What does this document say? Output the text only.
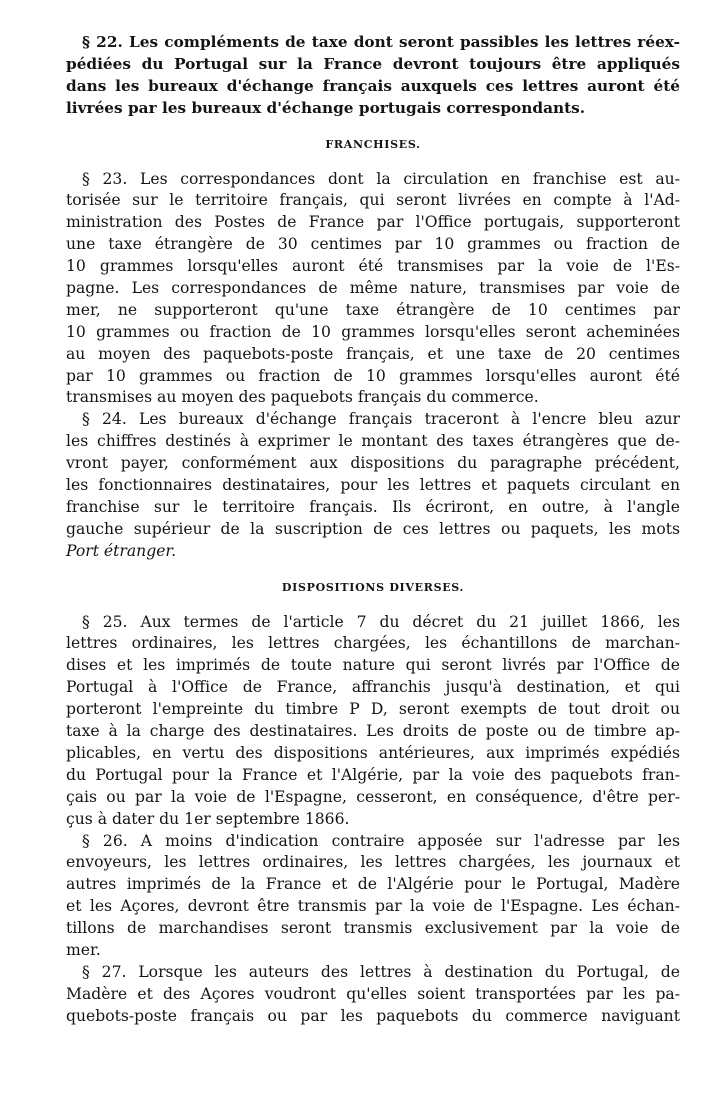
§ 22. Les compléments de taxe dont seront passibles les lettres réex-
pédiées du Portugal sur la France devront toujours être appliqués
dans les bureaux d'échange français auxquels ces lettres auront été
livrées par les bureaux d'échange portugais correspondants.
FRANCHISES.
§ 23. Les correspondances dont la circulation en franchise est au-
torisée sur le territoire français, qui seront livrées en compte à l'Ad-
ministration des Postes de France par l'Office portugais, supporteront
une taxe étrangère de 30 centimes par 10 grammes ou fraction de
10 grammes lorsqu'elles auront été transmises par la voie de l'Es-
pagne. Les correspondances de même nature, transmises par voie de
mer, ne supporteront qu'une taxe étrangère de 10 centimes par
10 grammes ou fraction de 10 grammes lorsqu'elles seront acheminées
au moyen des paquebots-poste français, et une taxe de 20 centimes
par 10 grammes ou fraction de 10 grammes lorsqu'elles auront été
transmises au moyen des paquebots français du commerce.
§ 24. Les bureaux d'échange français traceront à l'encre bleu azur
les chiffres destinés à exprimer le montant des taxes étrangères que de-
vront payer, conformément aux dispositions du paragraphe précédent,
les fonctionnaires destinataires, pour les lettres et paquets circulant en
franchise sur le territoire français. Ils écriront, en outre, à l'angle
gauche supérieur de la suscription de ces lettres ou paquets, les mots
Port étranger.
DISPOSITIONS DIVERSES.
§ 25. Aux termes de l'article 7 du décret du 21 juillet 1866, les
lettres ordinaires, les lettres chargées, les échantillons de marchan-
dises et les imprimés de toute nature qui seront livrés par l'Office de
Portugal à l'Office de France, affranchis jusqu'à destination, et qui
porteront l'empreinte du timbre P D, seront exempts de tout droit ou
taxe à la charge des destinataires. Les droits de poste ou de timbre ap-
plicables, en vertu des dispositions antérieures, aux imprimés expédiés
du Portugal pour la France et l'Algérie, par la voie des paquebots fran-
çais ou par la voie de l'Espagne, cesseront, en conséquence, d'être per-
çus à dater du 1er septembre 1866.
§ 26. A moins d'indication contraire apposée sur l'adresse par les
envoyeurs, les lettres ordinaires, les lettres chargées, les journaux et
autres imprimés de la France et de l'Algérie pour le Portugal, Madère
et les Açores, devront être transmis par la voie de l'Espagne. Les échan-
tillons de marchandises seront transmis exclusivement par la voie de
mer.
§ 27. Lorsque les auteurs des lettres à destination du Portugal, de
Madère et des Açores voudront qu'elles soient transportées par les pa-
quebots-poste français ou par les paquebots du commerce naviguant
